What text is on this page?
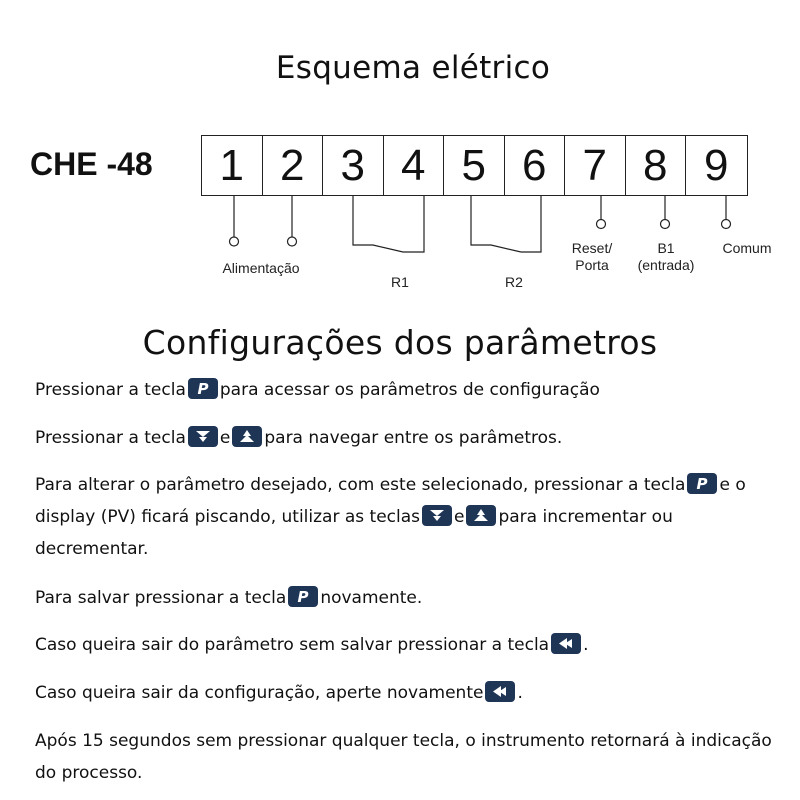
Esquema elétrico
CHE -48	1 2 3 4 5 6 7 8 9
Alimentação
R1	R2
Reset/
Porta
B1
(entrada)
Comum
Configurações dos parâmetros
Pressionar a tecla P para acessar os parâmetros de configuração
Pressionar a tecla e para navegar entre os parâmetros.
Para alterar o parâmetro desejado, com este selecionado, pressionar a tecla P e o display (PV) ficará piscando, utilizar as teclas e para incrementar ou decrementar.
Para salvar pressionar a tecla P novamente.
Caso queira sair do parâmetro sem salvar pressionar a tecla .
Caso queira sair da configuração, aperte novamente .
Após 15 segundos sem pressionar qualquer tecla, o instrumento retornará à indicação do processo.
